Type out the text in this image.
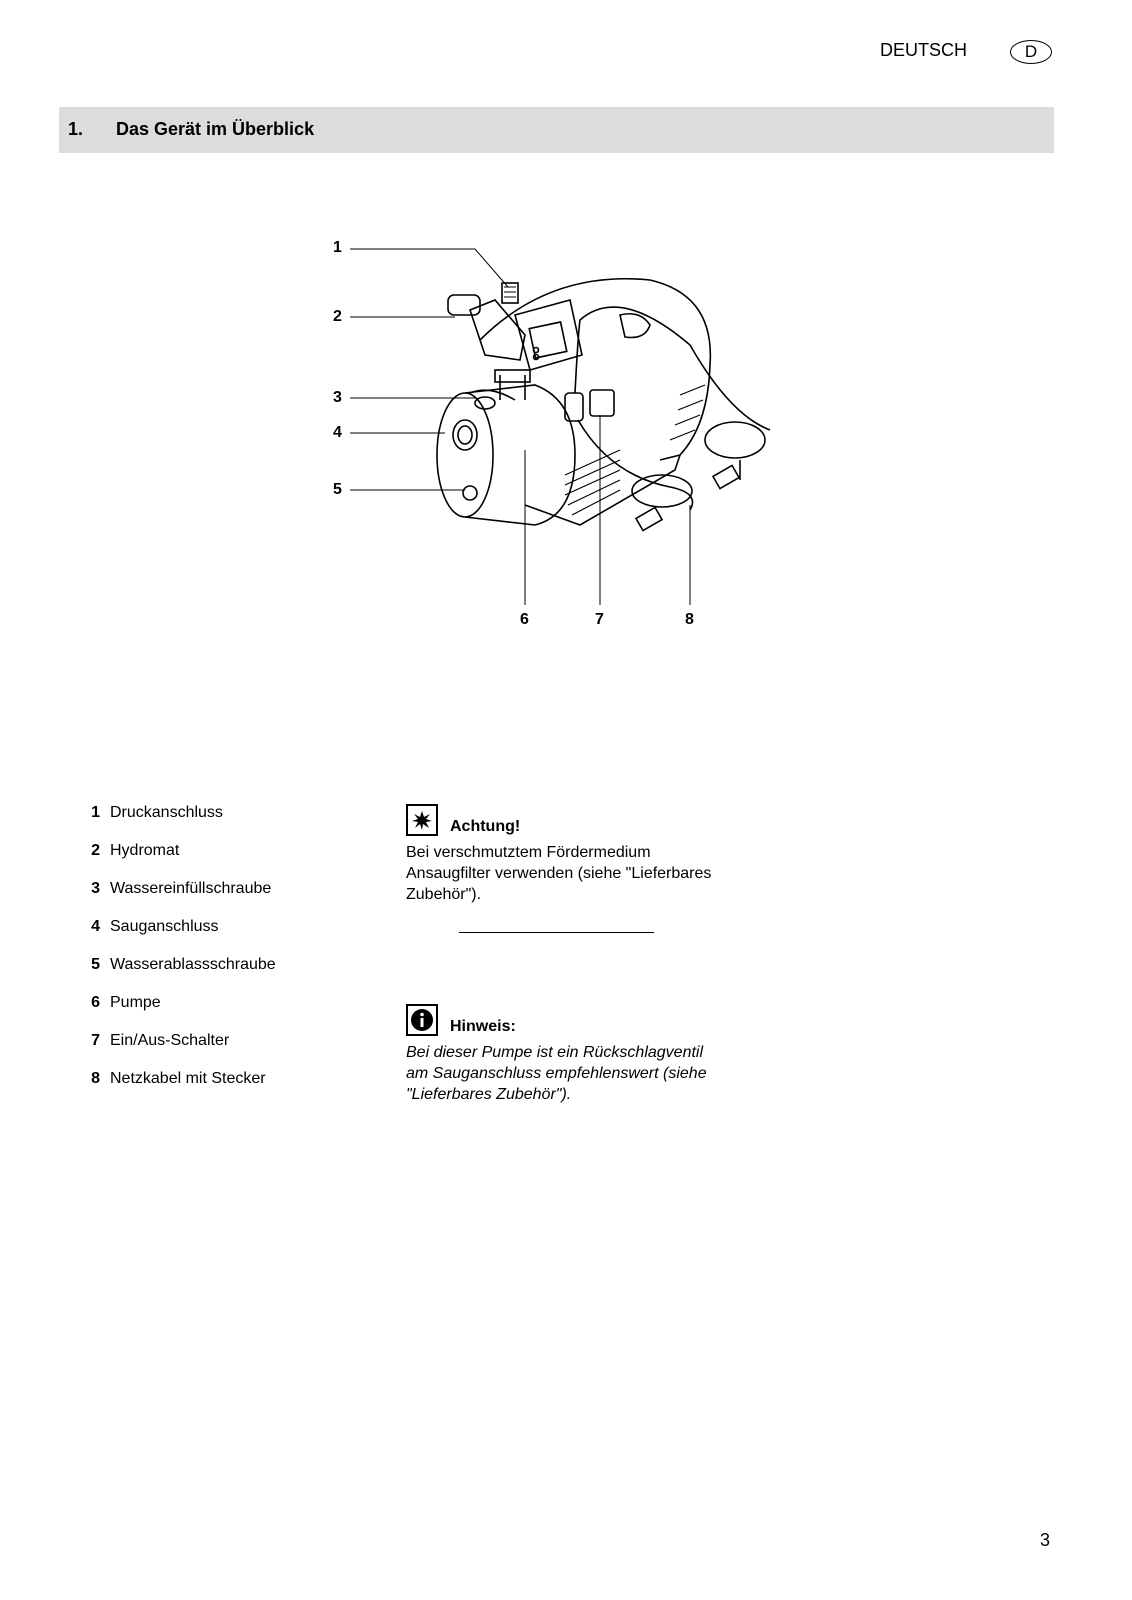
DEUTSCH	D
1. Das Gerät im Überblick
1
2
3
4
5
6	7	8
1 Druckanschluss
2 Hydromat
3 Wassereinfüllschraube
4 Sauganschluss
5 Wasserablassschraube
6 Pumpe
7 Ein/Aus-Schalter
8 Netzkabel mit Stecker
Achtung!
Bei verschmutztem Fördermedium Ansaugfilter verwenden (siehe "Lieferbares Zubehör").
Hinweis:
Bei dieser Pumpe ist ein Rückschlagventil am Sauganschluss empfehlenswert (siehe "Lieferbares Zubehör").
3
